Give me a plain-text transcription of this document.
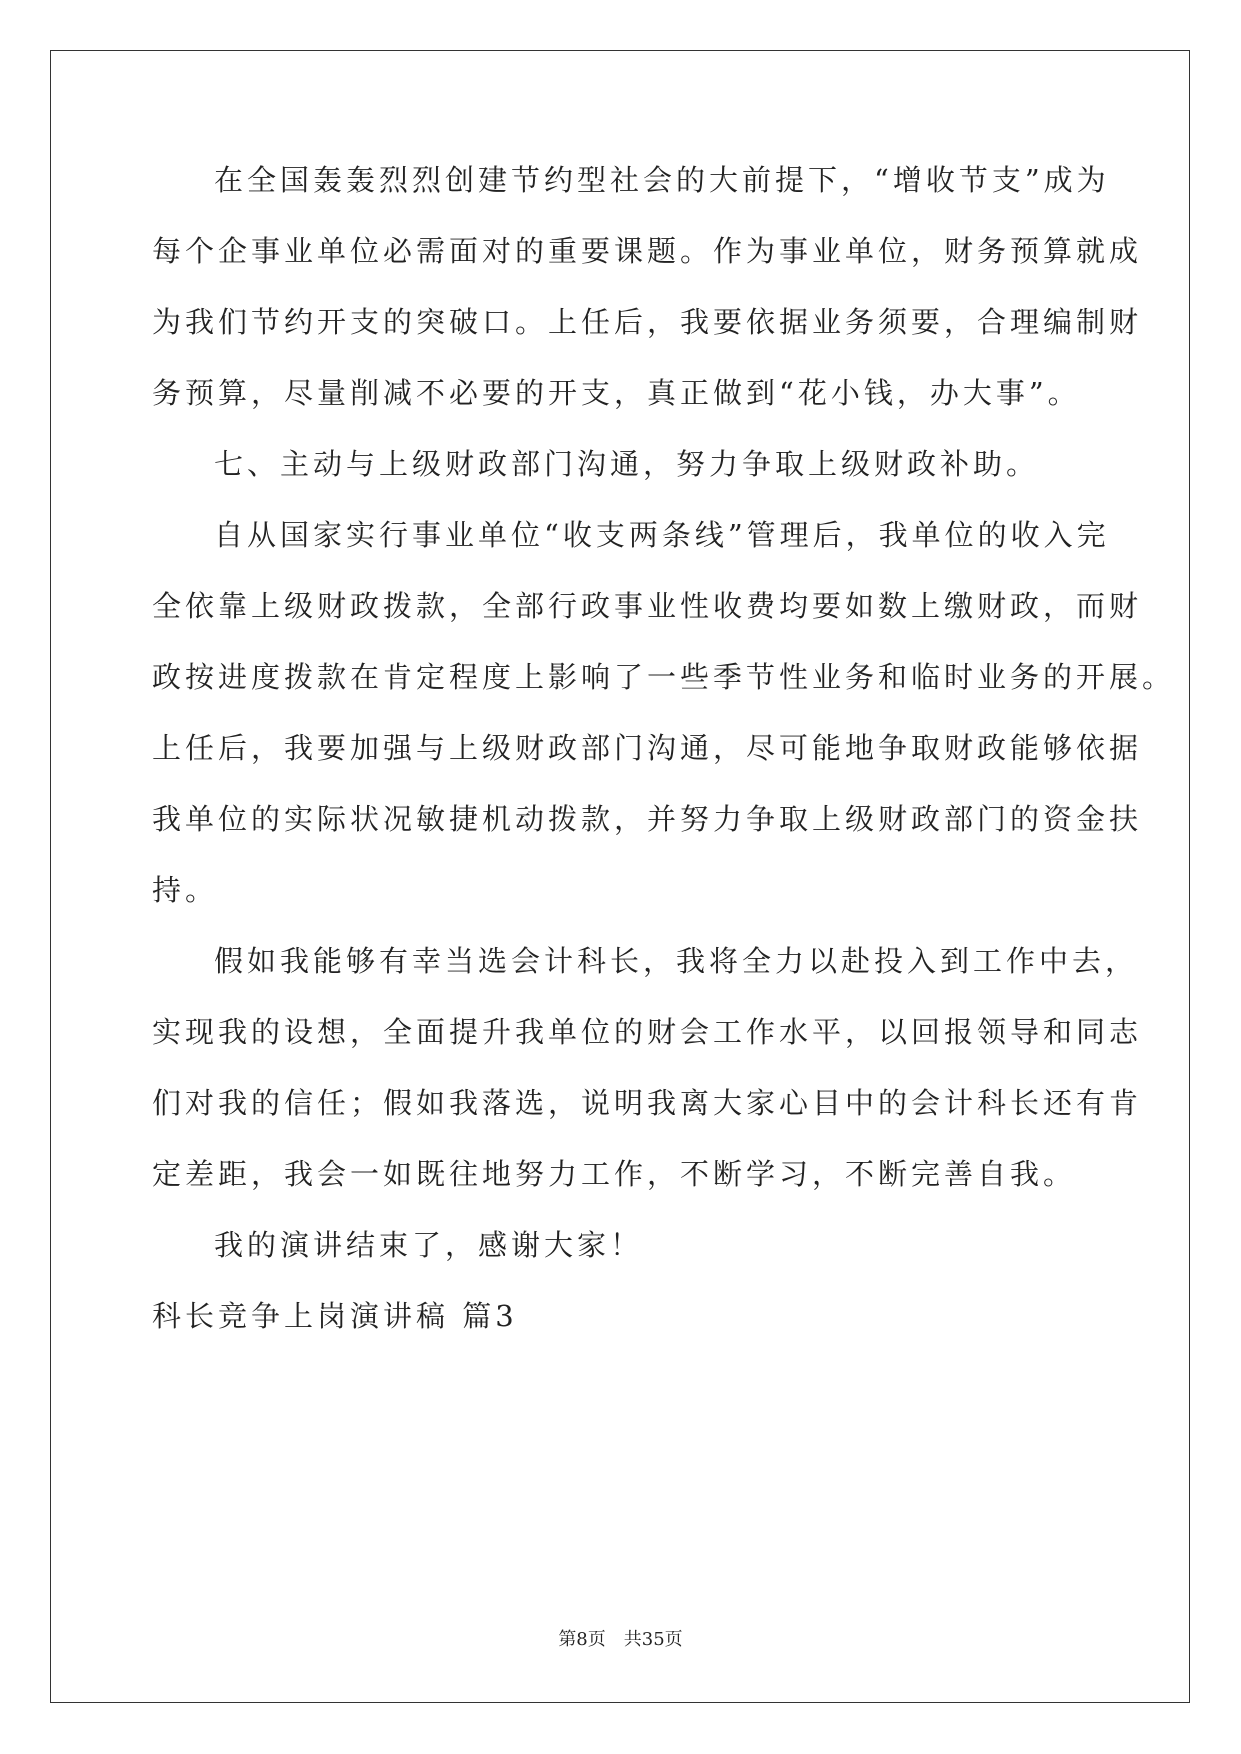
在全国轰轰烈烈创建节约型社会的大前提下，“增收节支”成为
每个企事业单位必需面对的重要课题。作为事业单位，财务预算就成
为我们节约开支的突破口。上任后，我要依据业务须要，合理编制财
务预算，尽量削减不必要的开支，真正做到“花小钱，办大事”。
七、主动与上级财政部门沟通，努力争取上级财政补助。
自从国家实行事业单位“收支两条线”管理后，我单位的收入完
全依靠上级财政拨款，全部行政事业性收费均要如数上缴财政，而财
政按进度拨款在肯定程度上影响了一些季节性业务和临时业务的开展。
上任后，我要加强与上级财政部门沟通，尽可能地争取财政能够依据
我单位的实际状况敏捷机动拨款，并努力争取上级财政部门的资金扶
持。
假如我能够有幸当选会计科长，我将全力以赴投入到工作中去，
实现我的设想，全面提升我单位的财会工作水平，以回报领导和同志
们对我的信任；假如我落选，说明我离大家心目中的会计科长还有肯
定差距，我会一如既往地努力工作，不断学习，不断完善自我。
我的演讲结束了，感谢大家！
科长竞争上岗演讲稿 篇3
第8页 共35页
